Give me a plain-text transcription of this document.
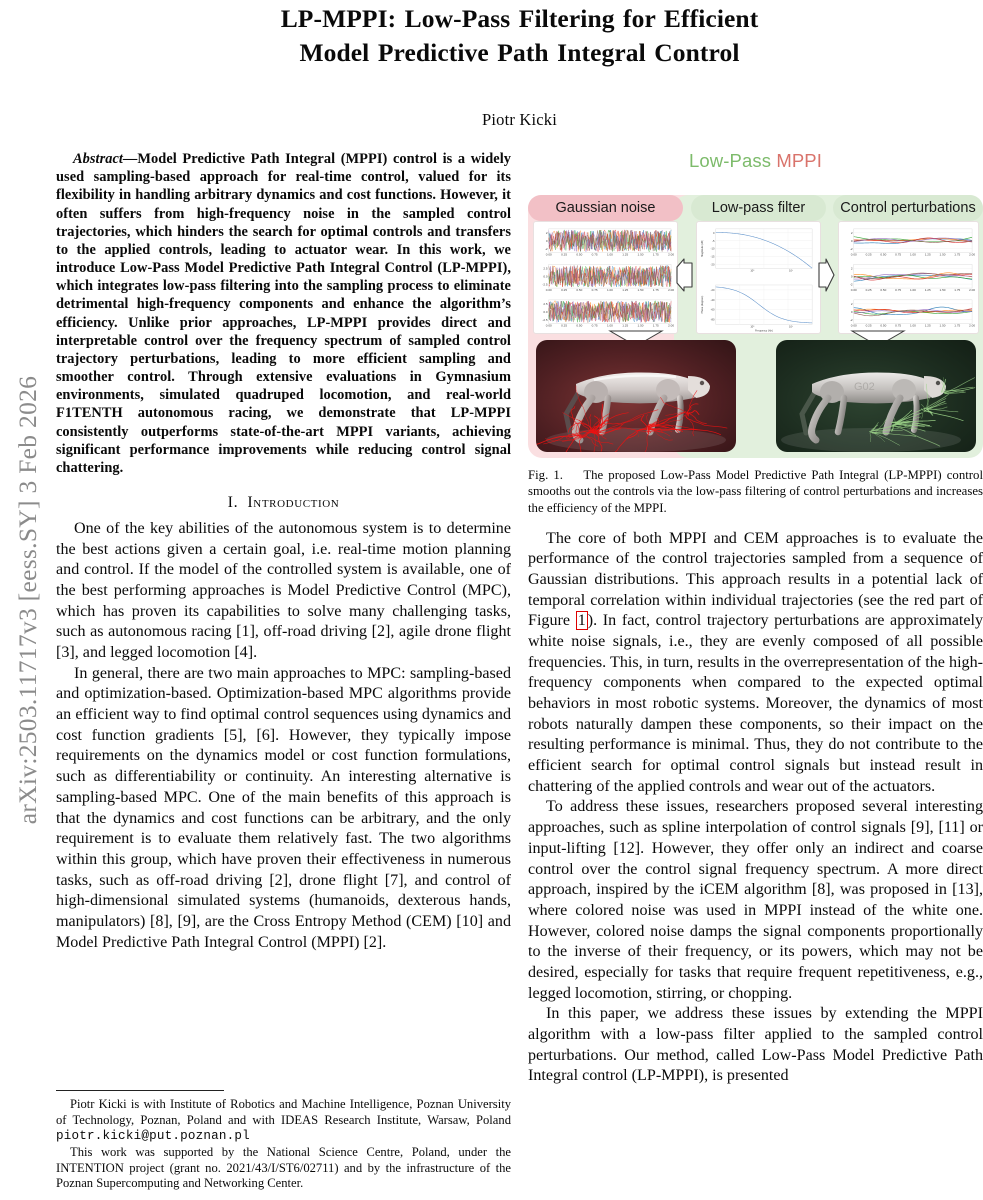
arXiv:2503.11717v3 [eess.SY] 3 Feb 2026
LP-MPPI: Low-Pass Filtering for Efficient
Model Predictive Path Integral Control
Piotr Kicki

Abstract—Model Predictive Path Integral (MPPI) control is a widely used sampling-based approach for real-time control, valued for its flexibility in handling arbitrary dynamics and cost functions. However, it often suffers from high-frequency noise in the sampled control trajectories, which hinders the search for optimal controls and transfers to the applied controls, leading to actuator wear. In this work, we introduce Low-Pass Model Predictive Path Integral Control (LP-MPPI), which integrates low-pass filtering into the sampling process to eliminate detrimental high-frequency components and enhance the algorithm’s efficiency. Unlike prior approaches, LP-MPPI provides direct and interpretable control over the frequency spectrum of sampled control trajectory perturbations, leading to more efficient sampling and smoother control. Through extensive evaluations in Gymnasium environments, simulated quadruped locomotion, and real-world F1TENTH autonomous racing, we demonstrate that LP-MPPI consistently outperforms state-of-the-art MPPI variants, achieving significant performance improvements while reducing control signal chattering.

I. Introduction

One of the key abilities of the autonomous system is to determine the best actions given a certain goal, i.e. real-time motion planning and control. If the model of the controlled system is available, one of the best performing approaches is Model Predictive Control (MPC), which has proven its capabilities to solve many challenging tasks, such as autonomous racing [1], off-road driving [2], agile drone flight [3], and legged locomotion [4].

In general, there are two main approaches to MPC: sampling-based and optimization-based. Optimization-based MPC algorithms provide an efficient way to find optimal control sequences using dynamics and cost function gradients [5], [6]. However, they typically impose requirements on the dynamics model or cost function formulations, such as differentiability or continuity. An interesting alternative is sampling-based MPC. One of the main benefits of this approach is that the dynamics and cost functions can be arbitrary, and the only requirement is to evaluate them relatively fast. The two algorithms within this group, which have proven their effectiveness in numerous tasks, such as off-road driving [2], drone flight [7], and control of high-dimensional simulated systems (humanoids, dexterous hands, manipulators) [8], [9], are the Cross Entropy Method (CEM) [10] and Model Predictive Path Integral Control (MPPI) [2].

Piotr Kicki is with Institute of Robotics and Machine Intelligence, Poznan University of Technology, Poznan, Poland and with IDEAS Research Institute, Warsaw, Poland piotr.kicki@put.poznan.pl

This work was supported by the National Science Centre, Poland, under the INTENTION project (grant no. 2021/43/I/ST6/02711) and by the infrastructure of the Poznan Supercomputing and Networking Center.

Low-Pass MPPI
Gaussian noise	Low-pass filter	Control perturbations
2
0
-2
0.00	0.25	0.50	0.75	1.00	1.25	1.50	1.75	2.00
2.5
0.0
-2.5
0.00	0.25	0.50	0.75	1.00	1.25	1.50	1.75	2.00
2.5
0.0
-2.5
0.00	0.25	0.50	0.75	1.00	1.25	1.50	1.75	2.00
0
-5
-10
-15
-20
Magnitude (dB)
10⁰	10¹
-20
-40
-60
-80
Phase (degrees)
10⁰	10¹
Frequency (Hz)
2
0
-2
0.00	0.25	0.50	0.75	1.00	1.25	1.50	1.75	2.00
2
0
-2
0.00	0.25	0.50	0.75	1.00	1.25	1.50	1.75	2.00
2
0
-2
0.00	0.25	0.50	0.75	1.00	1.25	1.50	1.75	2.00
G02
Fig. 1. The proposed Low-Pass Model Predictive Path Integral (LP-MPPI) control smooths out the controls via the low-pass filtering of control perturbations and increases the efficiency of the MPPI.

The core of both MPPI and CEM approaches is to evaluate the performance of the control trajectories sampled from a sequence of Gaussian distributions. This approach results in a potential lack of temporal correlation within individual trajectories (see the red part of Figure 1 ). In fact, control trajectory perturbations are approximately white noise signals, i.e., they are evenly composed of all possible frequencies. This, in turn, results in the overrepresentation of the high-frequency components when compared to the expected optimal behaviors in most robotic systems. Moreover, the dynamics of most robots naturally dampen these components, so their impact on the resulting performance is minimal. Thus, they do not contribute to the efficient search for optimal control signals but instead result in chattering of the applied controls and wear out of the actuators.

To address these issues, researchers proposed several interesting approaches, such as spline interpolation of control signals [9], [11] or input-lifting [12]. However, they offer only an indirect and coarse control over the control signal frequency spectrum. A more direct approach, inspired by the iCEM algorithm [8], was proposed in [13], where colored noise was used in MPPI instead of the white one. However, colored noise damps the signal components proportionally to the inverse of their frequency, or its powers, which may not be desired, especially for tasks that require frequent repetitiveness, e.g., legged locomotion, stirring, or chopping.

In this paper, we address these issues by extending the MPPI algorithm with a low-pass filter applied to the sampled control perturbations. Our method, called Low-Pass Model Predictive Path Integral control (LP-MPPI), is presented
